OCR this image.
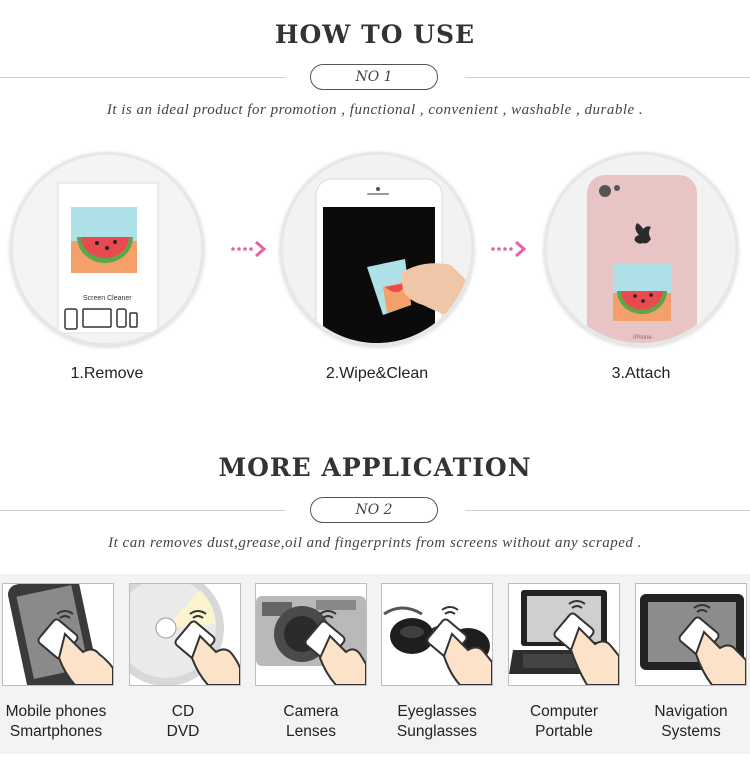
HOW TO USE
NO 1
It is an ideal product for promotion , functional , convenient , washable , durable .
Screen Cleaner
1.Remove	2.Wipe&Clean
iPhone
3.Attach
MORE APPLICATION
NO 2
It can removes dust,grease,oil and fingerprints from screens without any scraped .
Mobile phones
Smartphones
CD
DVD
Camera
Lenses
Eyeglasses
Sunglasses
Computer
Portable
Navigation
Systems
